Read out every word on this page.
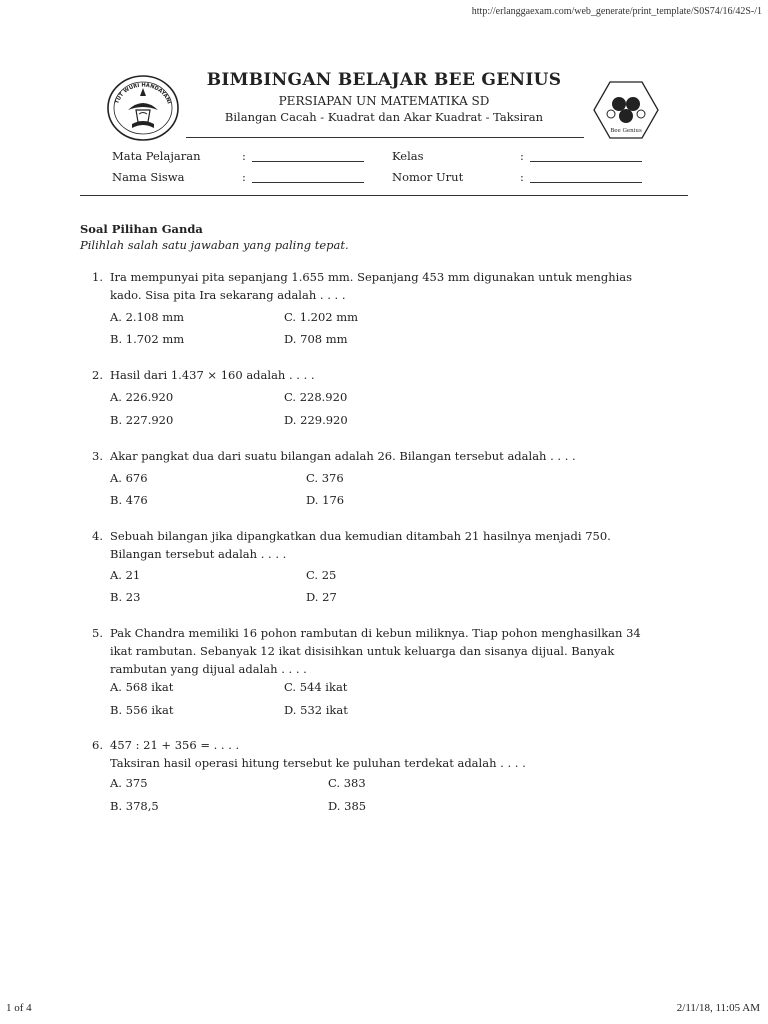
http://erlanggaexam.com/web_generate/print_template/S0S74/16/42S-/1
1 of 4	2/11/18, 11:05 AM
TUT WURI HANDAYANI
Bee Genius
BIMBINGAN BELAJAR BEE GENIUS
PERSIAPAN UN MATEMATIKA SD
Bilangan Cacah - Kuadrat dan Akar Kuadrat - Taksiran
Mata Pelajaran	:	Kelas	:
Nama Siswa	:	Nomor Urut	:
Soal Pilihan Ganda
Pilihlah salah satu jawaban yang paling tepat.
1. Ira mempunyai pita sepanjang 1.655 mm. Sepanjang 453 mm digunakan untuk menghias
kado. Sisa pita Ira sekarang adalah . . . .
A. 2.108 mm	C. 1.202 mm
B. 1.702 mm	D. 708 mm
2. Hasil dari 1.437 × 160 adalah . . . .
A. 226.920	C. 228.920
B. 227.920	D. 229.920
3. Akar pangkat dua dari suatu bilangan adalah 26. Bilangan tersebut adalah . . . .
A. 676	C. 376
B. 476	D. 176
4. Sebuah bilangan jika dipangkatkan dua kemudian ditambah 21 hasilnya menjadi 750.
Bilangan tersebut adalah . . . .
A. 21	C. 25
B. 23	D. 27
5. Pak Chandra memiliki 16 pohon rambutan di kebun miliknya. Tiap pohon menghasilkan 34
ikat rambutan. Sebanyak 12 ikat disisihkan untuk keluarga dan sisanya dijual. Banyak
rambutan yang dijual adalah . . . .
A. 568 ikat	C. 544 ikat
B. 556 ikat	D. 532 ikat
6. 457 : 21 + 356 = . . . .
Taksiran hasil operasi hitung tersebut ke puluhan terdekat adalah . . . .
A. 375	C. 383
B. 378,5	D. 385
